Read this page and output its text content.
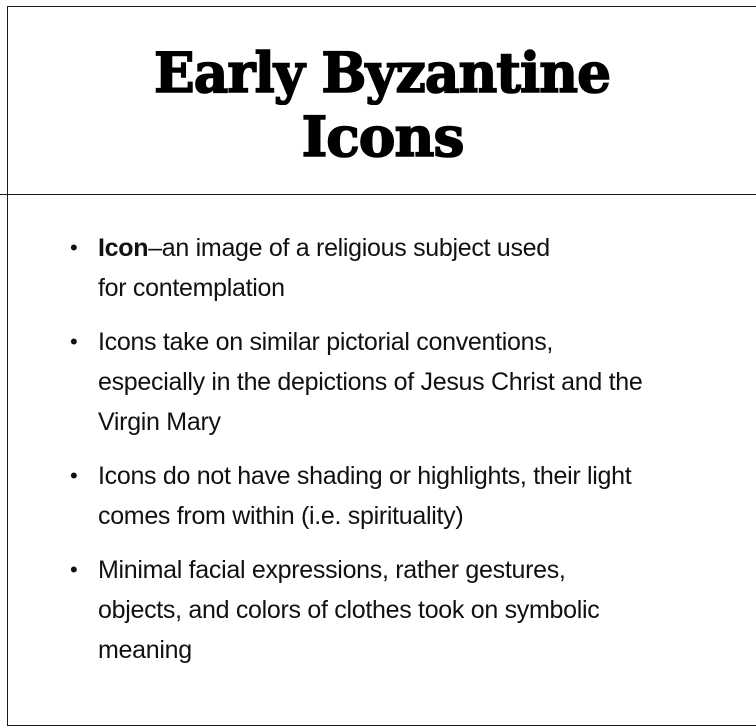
Early Byzantine
Icons
• Icon–an image of a religious subject used
for contemplation
• Icons take on similar pictorial conventions,
especially in the depictions of Jesus Christ and the
Virgin Mary
• Icons do not have shading or highlights, their light
comes from within (i.e. spirituality)
• Minimal facial expressions, rather gestures,
objects, and colors of clothes took on symbolic
meaning
